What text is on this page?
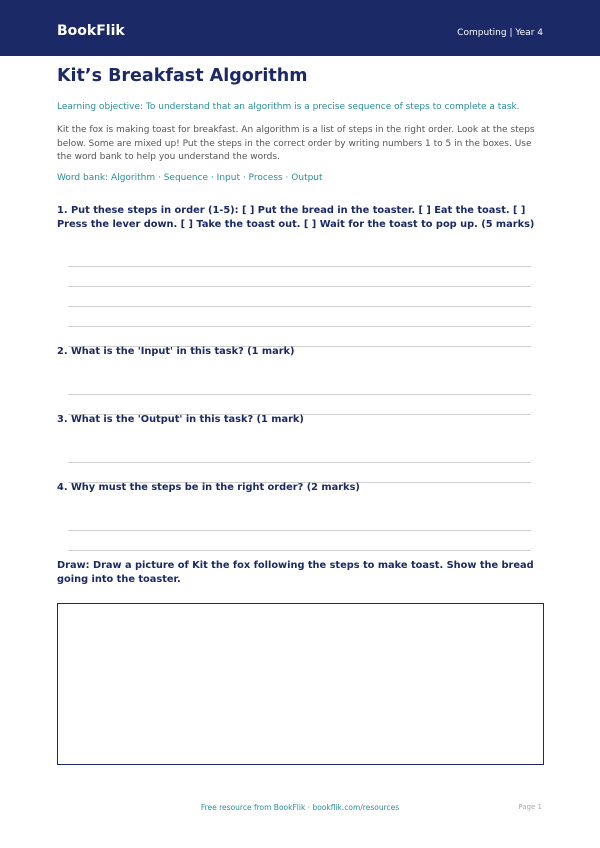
BookFlik	Computing | Year 4
Kit’s Breakfast Algorithm
Learning objective: To understand that an algorithm is a precise sequence of steps to complete a task.
Kit the fox is making toast for breakfast. An algorithm is a list of steps in the right order. Look at the steps below. Some are mixed up! Put the steps in the correct order by writing numbers 1 to 5 in the boxes. Use the word bank to help you understand the words.
Word bank: Algorithm · Sequence · Input · Process · Output
1. Put these steps in order (1-5): [ ] Put the bread in the toaster. [ ] Eat the toast. [ ] Press the lever down. [ ] Take the toast out. [ ] Wait for the toast to pop up. (5 marks)
2. What is the 'Input' in this task? (1 mark)
3. What is the 'Output' in this task? (1 mark)
4. Why must the steps be in the right order? (2 marks)
Draw: Draw a picture of Kit the fox following the steps to make toast. Show the bread going into the toaster.
Free resource from BookFlik · bookflik.com/resources	Page 1
